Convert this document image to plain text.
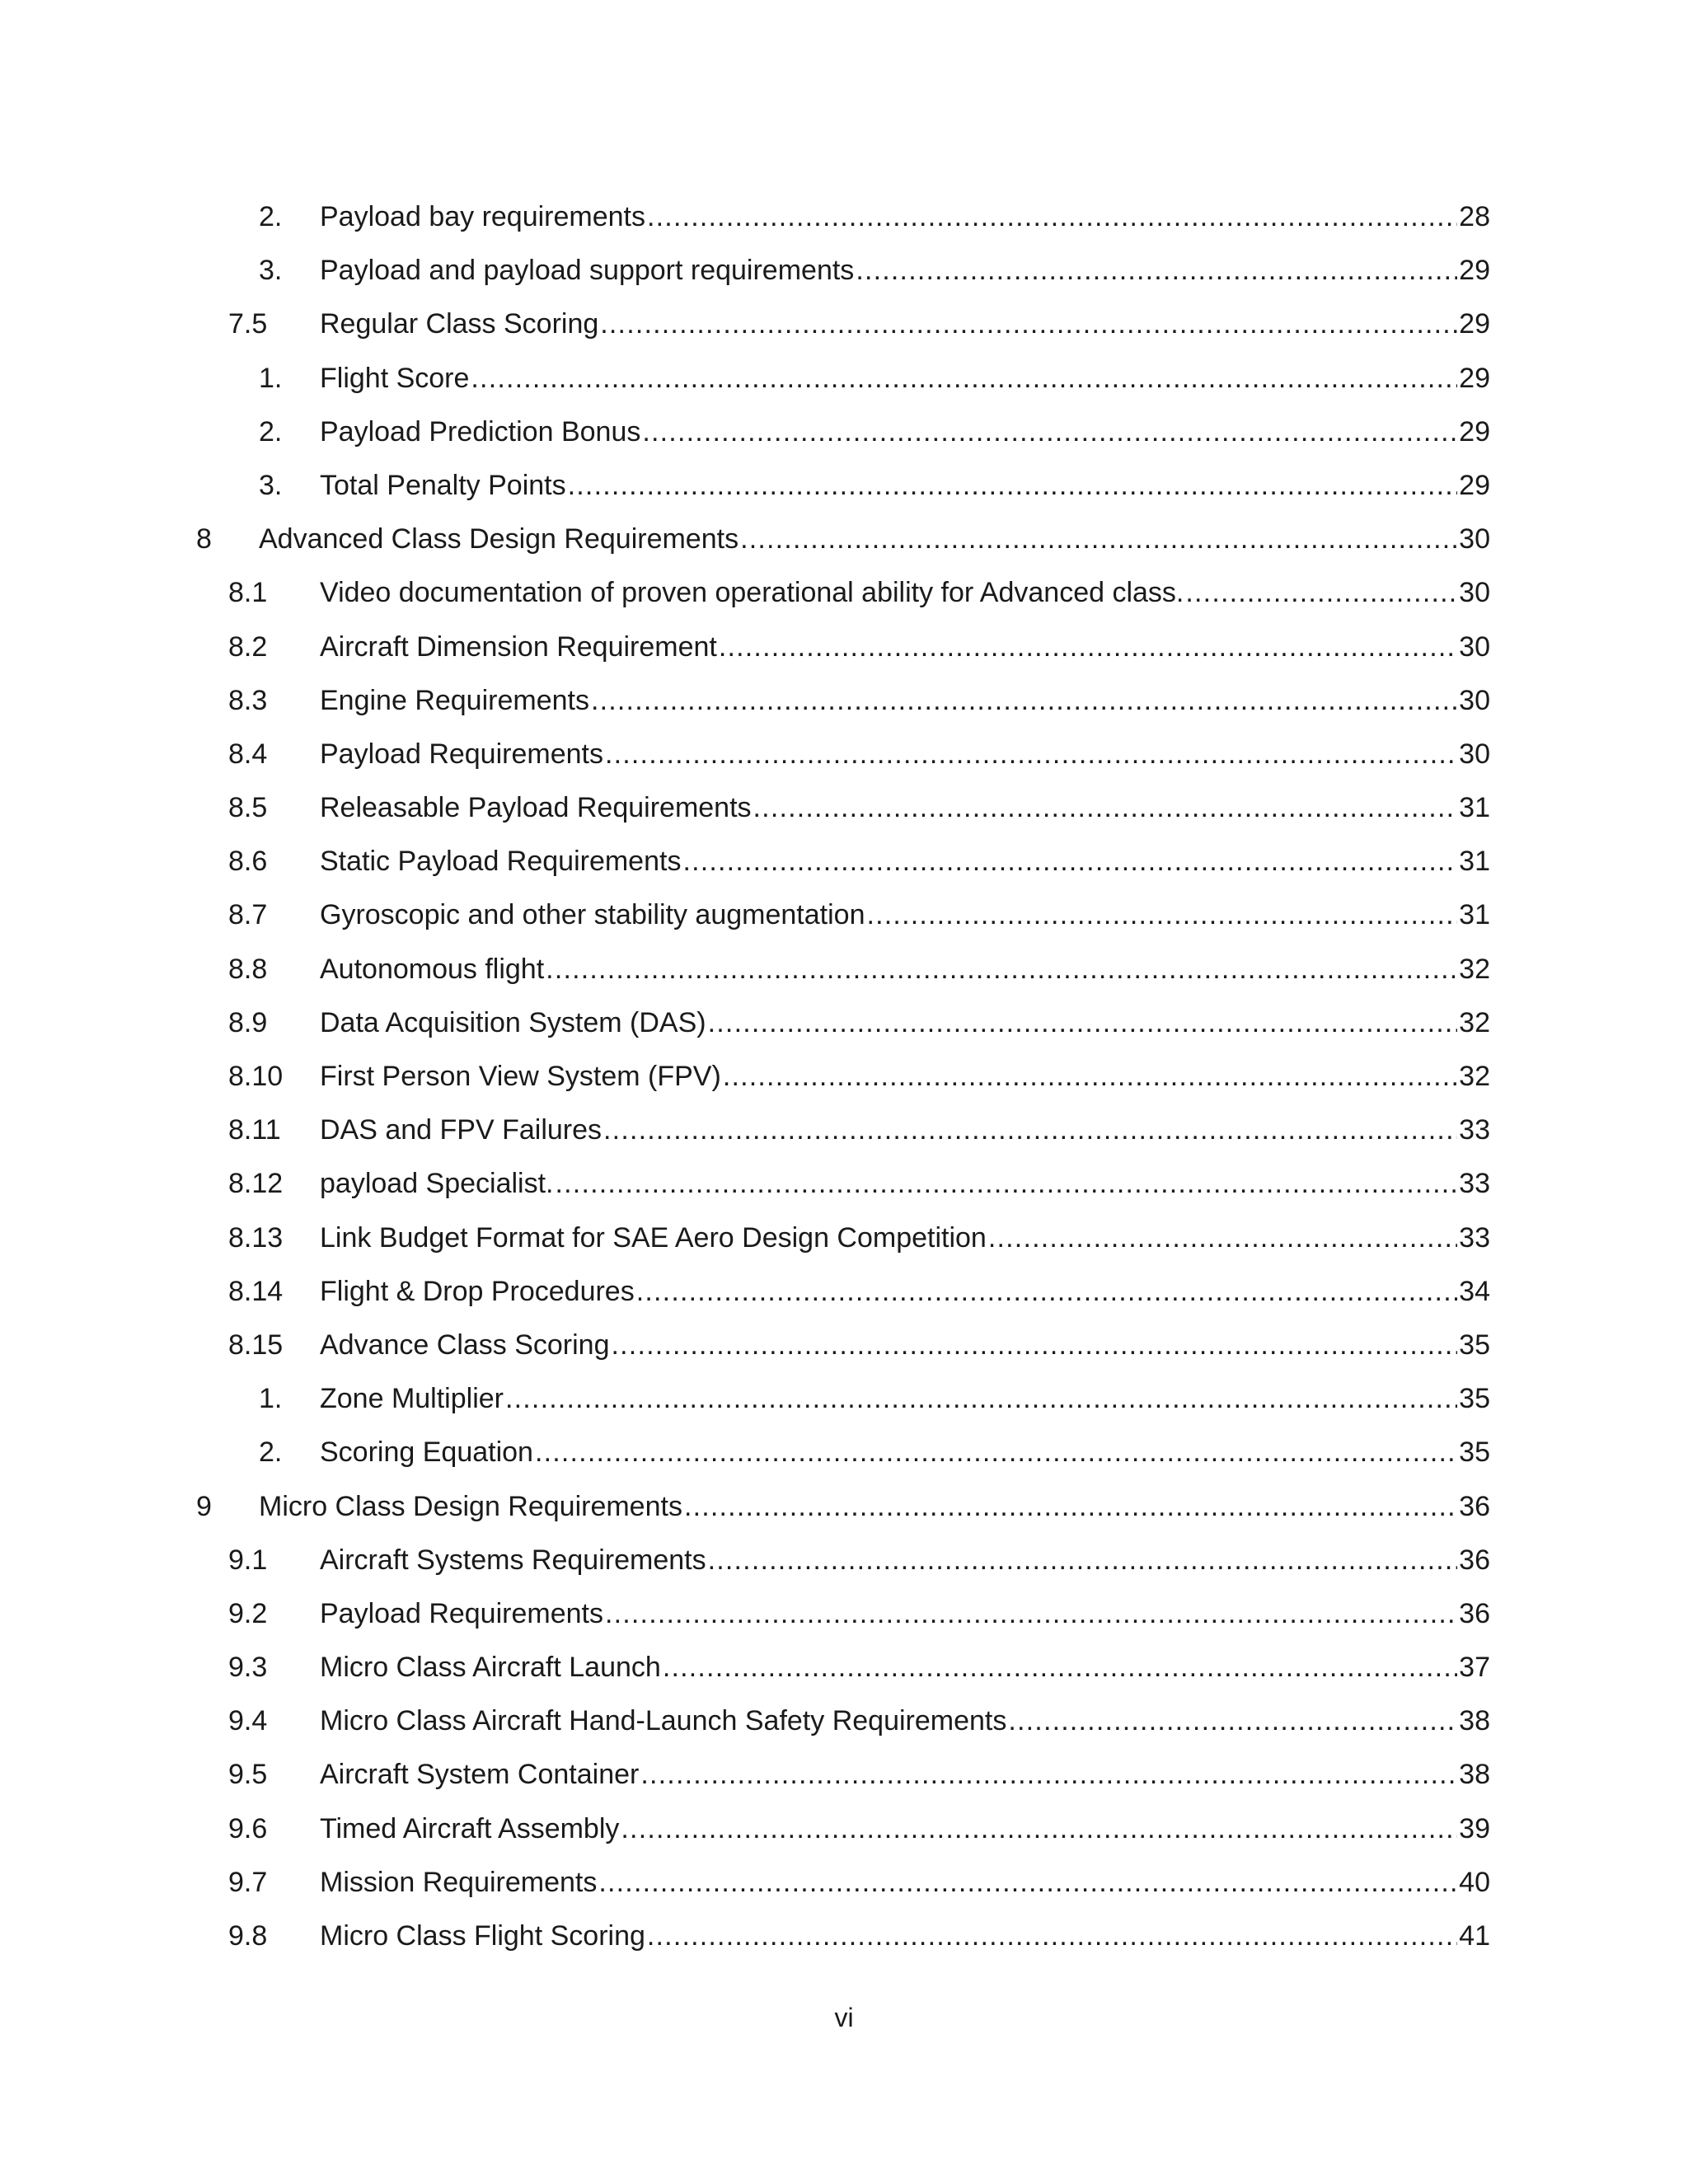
2. Payload bay requirements .....	28
3. Payload and payload support requirements .....	29
7.5 Regular Class Scoring .....	29
1. Flight Score .....	29
2. Payload Prediction Bonus .....	29
3. Total Penalty Points .....	29
8 Advanced Class Design Requirements .....	30
8.1 Video documentation of proven operational ability for Advanced class. .....	30
8.2 Aircraft Dimension Requirement .....	30
8.3 Engine Requirements .....	30
8.4 Payload Requirements .....	30
8.5 Releasable Payload Requirements .....	31
8.6 Static Payload Requirements .....	31
8.7 Gyroscopic and other stability augmentation .....	31
8.8 Autonomous flight .....	32
8.9 Data Acquisition System (DAS) .....	32
8.10 First Person View System (FPV) .....	32
8.11 DAS and FPV Failures .....	33
8.12 payload Specialist. .....	33
8.13 Link Budget Format for SAE Aero Design Competition .....	33
8.14 Flight & Drop Procedures .....	34
8.15 Advance Class Scoring .....	35
1. Zone Multiplier .....	35
2. Scoring Equation .....	35
9 Micro Class Design Requirements .....	36
9.1 Aircraft Systems Requirements .....	36
9.2 Payload Requirements .....	36
9.3 Micro Class Aircraft Launch .....	37
9.4 Micro Class Aircraft Hand-Launch Safety Requirements .....	38
9.5 Aircraft System Container .....	38
9.6 Timed Aircraft Assembly .....	39
9.7 Mission Requirements .....	40
9.8 Micro Class Flight Scoring .....	41
vi
